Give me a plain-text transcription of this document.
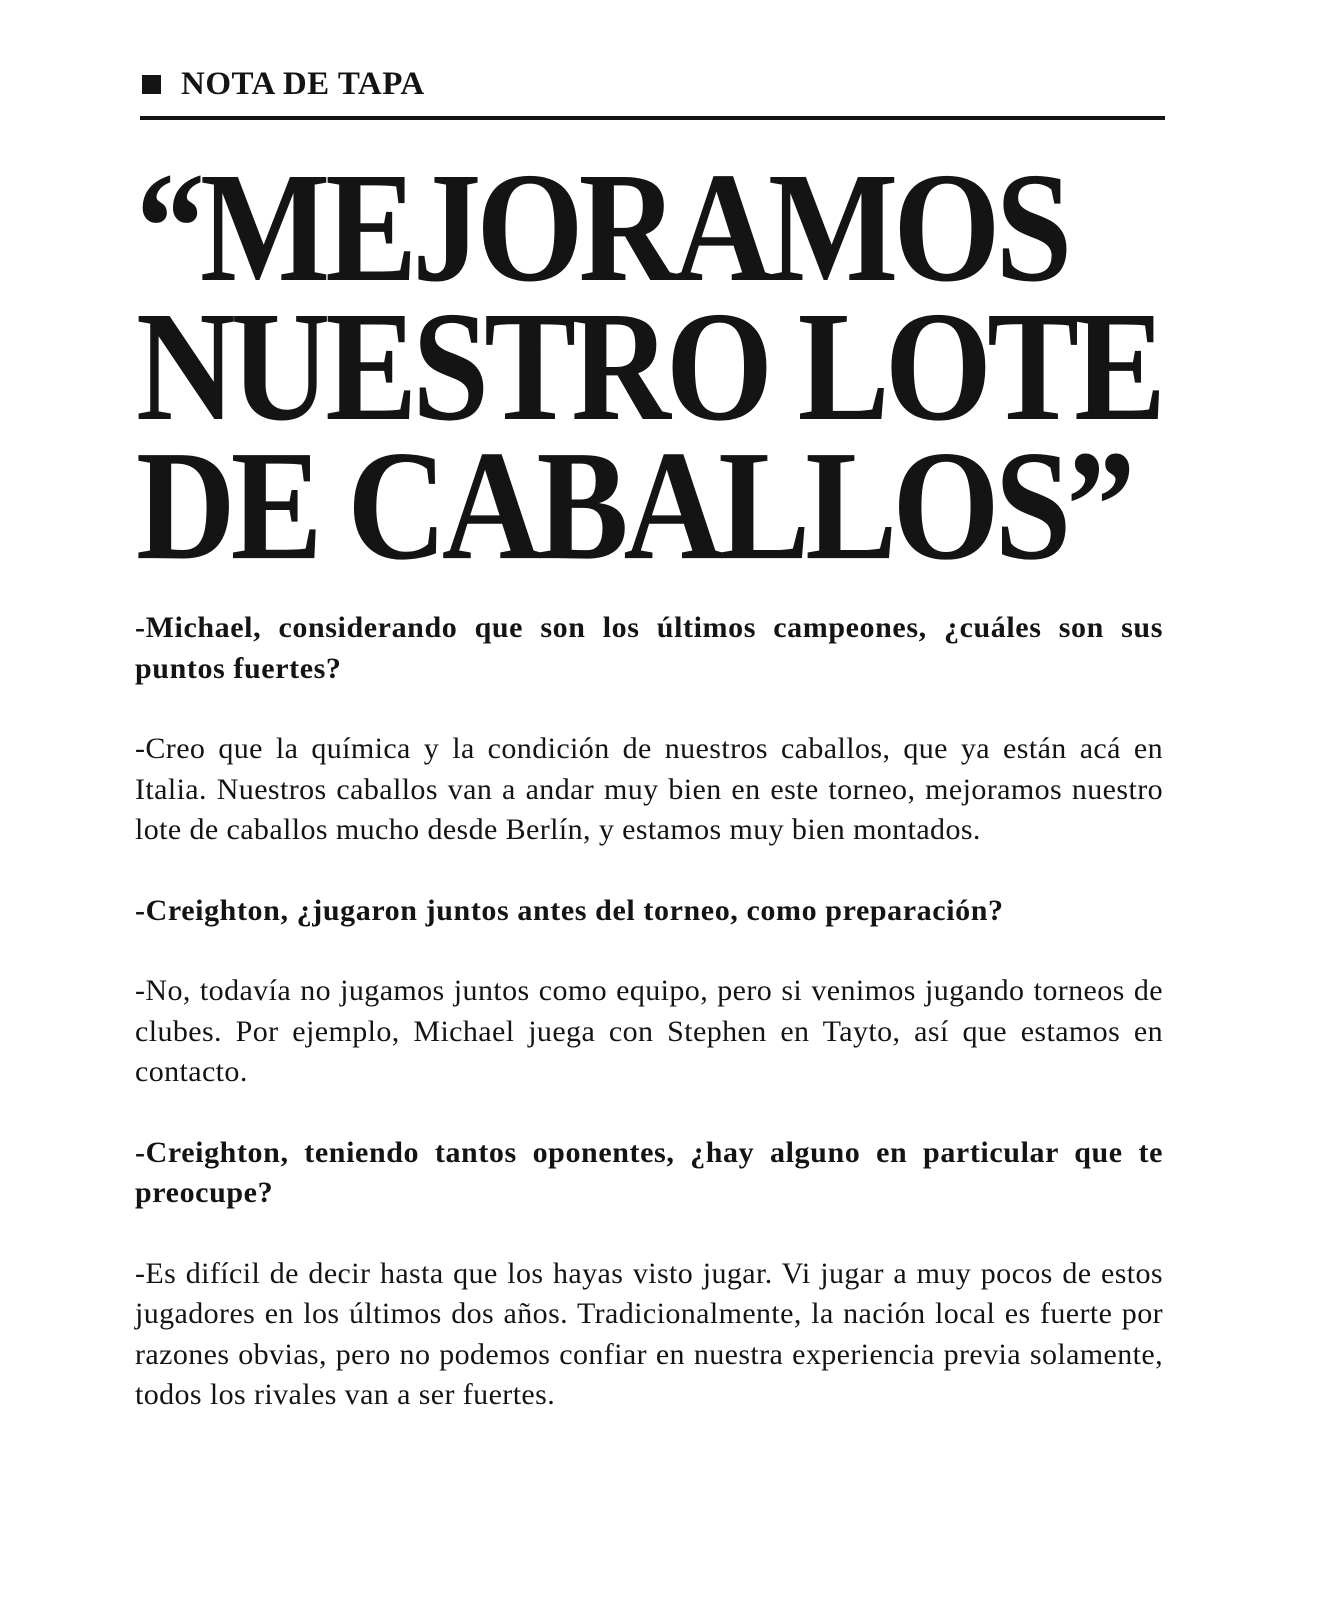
NOTA DE TAPA
“MEJORAMOS
NUESTRO LOTE
DE CABALLOS”

-Michael, considerando que son los últimos campeones, ¿cuáles son sus puntos fuertes?

-Creo que la química y la condición de nuestros caballos, que ya están acá en Italia. Nuestros caballos van a andar muy bien en este torneo, mejoramos nuestro lote de caballos mucho desde Berlín, y estamos muy bien montados.

-Creighton, ¿jugaron juntos antes del torneo, como preparación?

-No, todavía no jugamos juntos como equipo, pero si venimos jugando torneos de clubes. Por ejemplo, Michael juega con Stephen en Tayto, así que estamos en contacto.

-Creighton, teniendo tantos oponentes, ¿hay alguno en particular que te preocupe?

-Es difícil de decir hasta que los hayas visto jugar. Vi jugar a muy pocos de estos jugadores en los últimos dos años. Tradicionalmente, la nación local es fuerte por razones obvias, pero no podemos confiar en nuestra experiencia previa solamente, todos los rivales van a ser fuertes.
